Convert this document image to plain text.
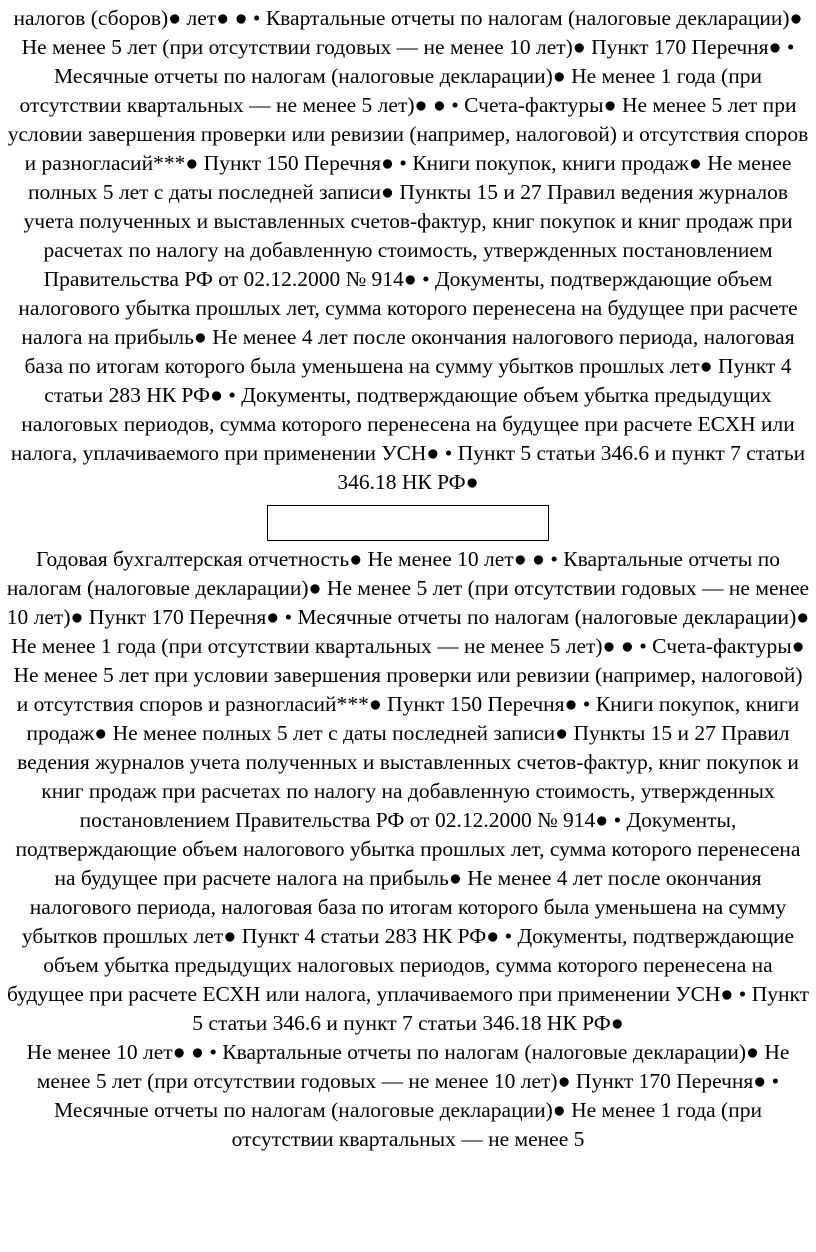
налогов (сборов)● лет● ● • Квартальные отчеты по налогам (налоговые декларации)● Не менее 5 лет (при отсутствии годовых — не менее 10 лет)● Пункт 170 Перечня● • Месячные отчеты по налогам (налоговые декларации)● Не менее 1 года (при отсутствии квартальных — не менее 5 лет)● ● • Счета-фактуры● Не менее 5 лет при условии завершения проверки или ревизии (например, налоговой) и отсутствия споров и разногласий***● Пункт 150 Перечня● • Книги покупок, книги продаж● Не менее полных 5 лет с даты последней записи● Пункты 15 и 27 Правил ведения журналов учета полученных и выставленных счетов-фактур, книг покупок и книг продаж при расчетах по налогу на добавленную стоимость, утвержденных постановлением Правительства РФ от 02.12.2000 № 914● • Документы, подтверждающие объем налогового убытка прошлых лет, сумма которого перенесена на будущее при расчете налога на прибыль● Не менее 4 лет после окончания налогового периода, налоговая база по итогам которого была уменьшена на сумму убытков прошлых лет● Пункт 4 статьи 283 НК РФ● • Документы, подтверждающие объем убытка предыдущих налоговых периодов, сумма которого перенесена на будущее при расчете ЕСХН или налога, уплачиваемого при применении УСН● • Пункт 5 статьи 346.6 и пункт 7 статьи 346.18 НК РФ●

Годовая бухгалтерская отчетность● Не менее 10 лет● ● • Квартальные отчеты по налогам (налоговые декларации)● Не менее 5 лет (при отсутствии годовых — не менее 10 лет)● Пункт 170 Перечня● • Месячные отчеты по налогам (налоговые декларации)● Не менее 1 года (при отсутствии квартальных — не менее 5 лет)● ● • Счета-фактуры● Не менее 5 лет при условии завершения проверки или ревизии (например, налоговой) и отсутствия споров и разногласий***● Пункт 150 Перечня● • Книги покупок, книги продаж● Не менее полных 5 лет с даты последней записи● Пункты 15 и 27 Правил ведения журналов учета полученных и выставленных счетов-фактур, книг покупок и книг продаж при расчетах по налогу на добавленную стоимость, утвержденных постановлением Правительства РФ от 02.12.2000 № 914● • Документы, подтверждающие объем налогового убытка прошлых лет, сумма которого перенесена на будущее при расчете налога на прибыль● Не менее 4 лет после окончания налогового периода, налоговая база по итогам которого была уменьшена на сумму убытков прошлых лет● Пункт 4 статьи 283 НК РФ● • Документы, подтверждающие объем убытка предыдущих налоговых периодов, сумма которого перенесена на будущее при расчете ЕСХН или налога, уплачиваемого при применении УСН● • Пункт 5 статьи 346.6 и пункт 7 статьи 346.18 НК РФ●

Не менее 10 лет● ● • Квартальные отчеты по налогам (налоговые декларации)● Не менее 5 лет (при отсутствии годовых — не менее 10 лет)● Пункт 170 Перечня● • Месячные отчеты по налогам (налоговые декларации)● Не менее 1 года (при отсутствии квартальных — не менее 5
